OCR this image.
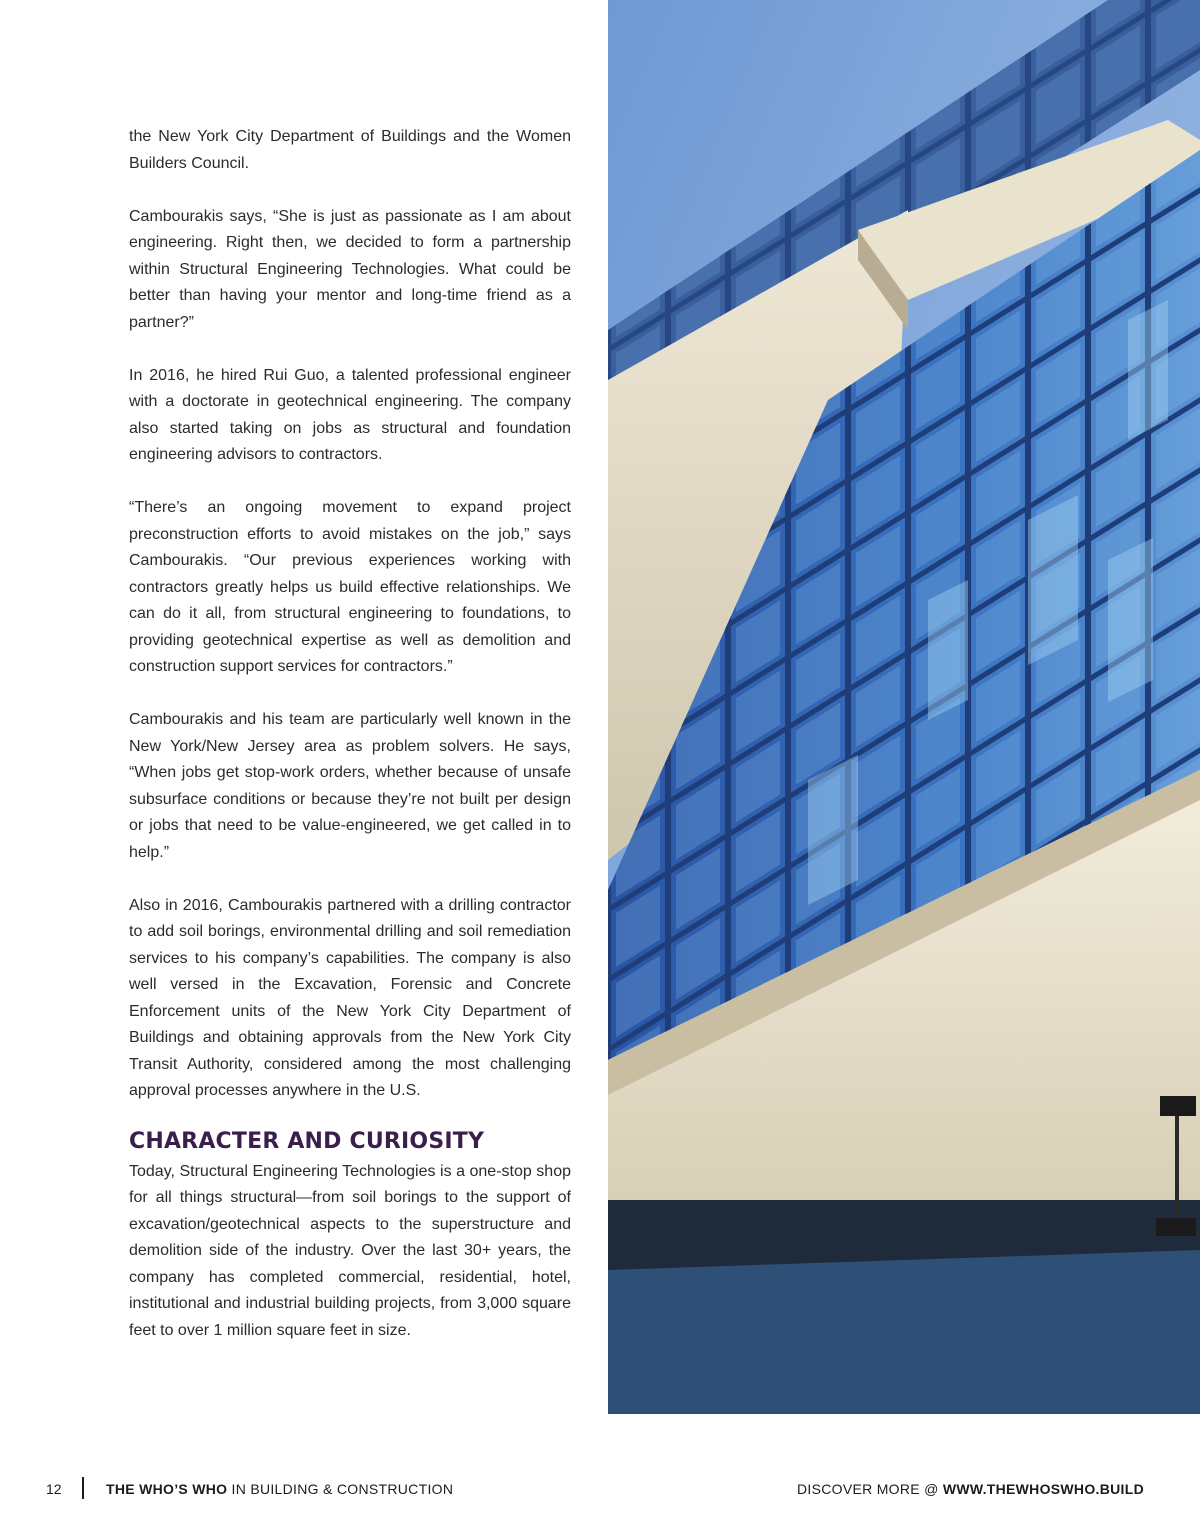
the New York City Department of Buildings and the Women Builders Council.

Cambourakis says, “She is just as passionate as I am about engineering. Right then, we decided to form a partnership within Structural Engineering Technologies. What could be better than having your mentor and long-time friend as a partner?”

In 2016, he hired Rui Guo, a talented professional engineer with a doctorate in geotechnical engineering. The company also started taking on jobs as structural and foundation engineering advisors to contractors.

“There’s an ongoing movement to expand project preconstruction efforts to avoid mistakes on the job,” says Cambourakis. “Our previous experiences working with contractors greatly helps us build effective relationships. We can do it all, from structural engineering to foundations, to providing geotechnical expertise as well as demolition and construction support services for contractors.”

Cambourakis and his team are particularly well known in the New York/New Jersey area as problem solvers. He says, “When jobs get stop-work orders, whether because of unsafe subsurface conditions or because they’re not built per design or jobs that need to be value-engineered, we get called in to help.”

Also in 2016, Cambourakis partnered with a drilling contractor to add soil borings, environmental drilling and soil remediation services to his company’s capabilities. The company is also well versed in the Excavation, Forensic and Concrete Enforcement units of the New York City Department of Buildings and obtaining approvals from the New York City Transit Authority, considered among the most challenging approval processes anywhere in the U.S.

CHARACTER AND CURIOSITY

Today, Structural Engineering Technologies is a one-stop shop for all things structural—from soil borings to the support of excavation/geotechnical aspects to the superstructure and demolition side of the industry. Over the last 30+ years, the company has completed commercial, residential, hotel, institutional and industrial building projects, from 3,000 square feet to over 1 million square feet in size.

12	THE WHO’S WHO IN BUILDING & CONSTRUCTION	DISCOVER MORE @ WWW.THEWHOSWHO.BUILD
